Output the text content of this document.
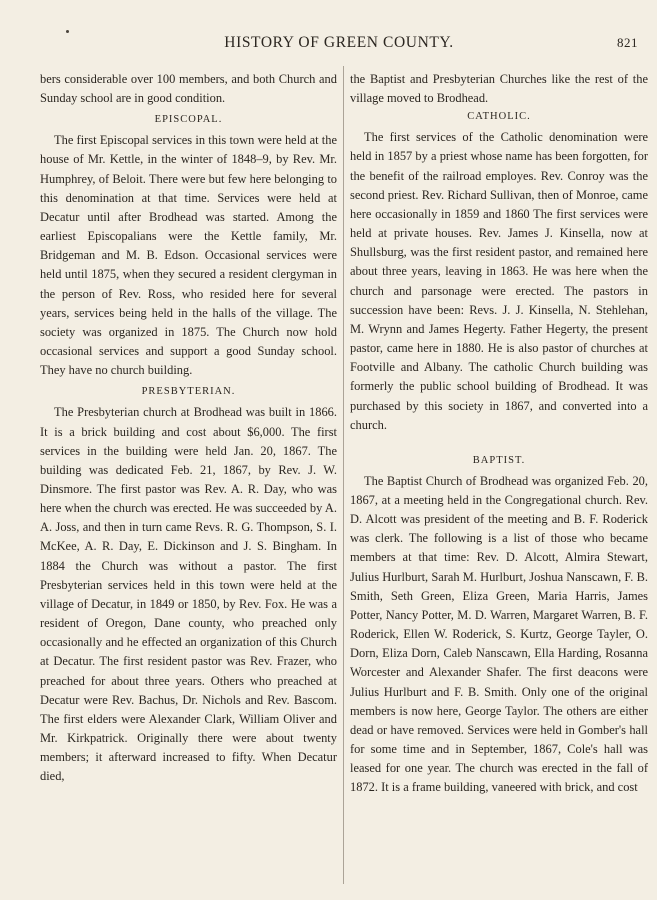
HISTORY OF GREEN COUNTY.	821

bers considerable over 100 members, and both Church and Sunday school are in good condition.

EPISCOPAL.

The first Episcopal services in this town were held at the house of Mr. Kettle, in the winter of 1848–9, by Rev. Mr. Humphrey, of Beloit. There were but few here belonging to this denomination at that time. Services were held at Decatur until after Brodhead was started. Among the earliest Episcopalians were the Kettle family, Mr. Bridgeman and M. B. Edson. Occasional services were held until 1875, when they secured a resident clergyman in the person of Rev. Ross, who resided here for several years, services being held in the halls of the village. The society was organized in 1875. The Church now hold occasional services and support a good Sunday school. They have no church building.

PRESBYTERIAN.

The Presbyterian church at Brodhead was built in 1866. It is a brick building and cost about $6,000. The first services in the building were held Jan. 20, 1867. The building was dedicated Feb. 21, 1867, by Rev. J. W. Dinsmore. The first pastor was Rev. A. R. Day, who was here when the church was erected. He was succeeded by A. A. Joss, and then in turn came Revs. R. G. Thompson, S. I. McKee, A. R. Day, E. Dickinson and J. S. Bingham. In 1884 the Church was without a pastor. The first Presbyterian services held in this town were held at the village of Decatur, in 1849 or 1850, by Rev. Fox. He was a resident of Oregon, Dane county, who preached only occasionally and he effected an organization of this Church at Decatur. The first resident pastor was Rev. Frazer, who preached for about three years. Others who preached at Decatur were Rev. Bachus, Dr. Nichols and Rev. Bascom. The first elders were Alexander Clark, William Oliver and Mr. Kirkpatrick. Originally there were about twenty members; it afterward increased to fifty. When Decatur died,

the Baptist and Presbyterian Churches like the rest of the village moved to Brodhead.

CATHOLIC.

The first services of the Catholic denomination were held in 1857 by a priest whose name has been forgotten, for the benefit of the railroad employes. Rev. Conroy was the second priest. Rev. Richard Sullivan, then of Monroe, came here occasionally in 1859 and 1860 The first services were held at private houses. Rev. James J. Kinsella, now at Shullsburg, was the first resident pastor, and remained here about three years, leaving in 1863. He was here when the church and parsonage were erected. The pastors in succession have been: Revs. J. J. Kinsella, N. Stehlehan, M. Wrynn and James Hegerty. Father Hegerty, the present pastor, came here in 1880. He is also pastor of churches at Footville and Albany. The catholic Church building was formerly the public school building of Brodhead. It was purchased by this society in 1867, and converted into a church.

BAPTIST.

The Baptist Church of Brodhead was organized Feb. 20, 1867, at a meeting held in the Congregational church. Rev. D. Alcott was president of the meeting and B. F. Roderick was clerk. The following is a list of those who became members at that time: Rev. D. Alcott, Almira Stewart, Julius Hurlburt, Sarah M. Hurlburt, Joshua Nanscawn, F. B. Smith, Seth Green, Eliza Green, Maria Harris, James Potter, Nancy Potter, M. D. Warren, Margaret Warren, B. F. Roderick, Ellen W. Roderick, S. Kurtz, George Tayler, O. Dorn, Eliza Dorn, Caleb Nanscawn, Ella Harding, Rosanna Worcester and Alexander Shafer. The first deacons were Julius Hurlburt and F. B. Smith. Only one of the original members is now here, George Taylor. The others are either dead or have removed. Services were held in Gomber's hall for some time and in September, 1867, Cole's hall was leased for one year. The church was erected in the fall of 1872. It is a frame building, vaneered with brick, and cost
